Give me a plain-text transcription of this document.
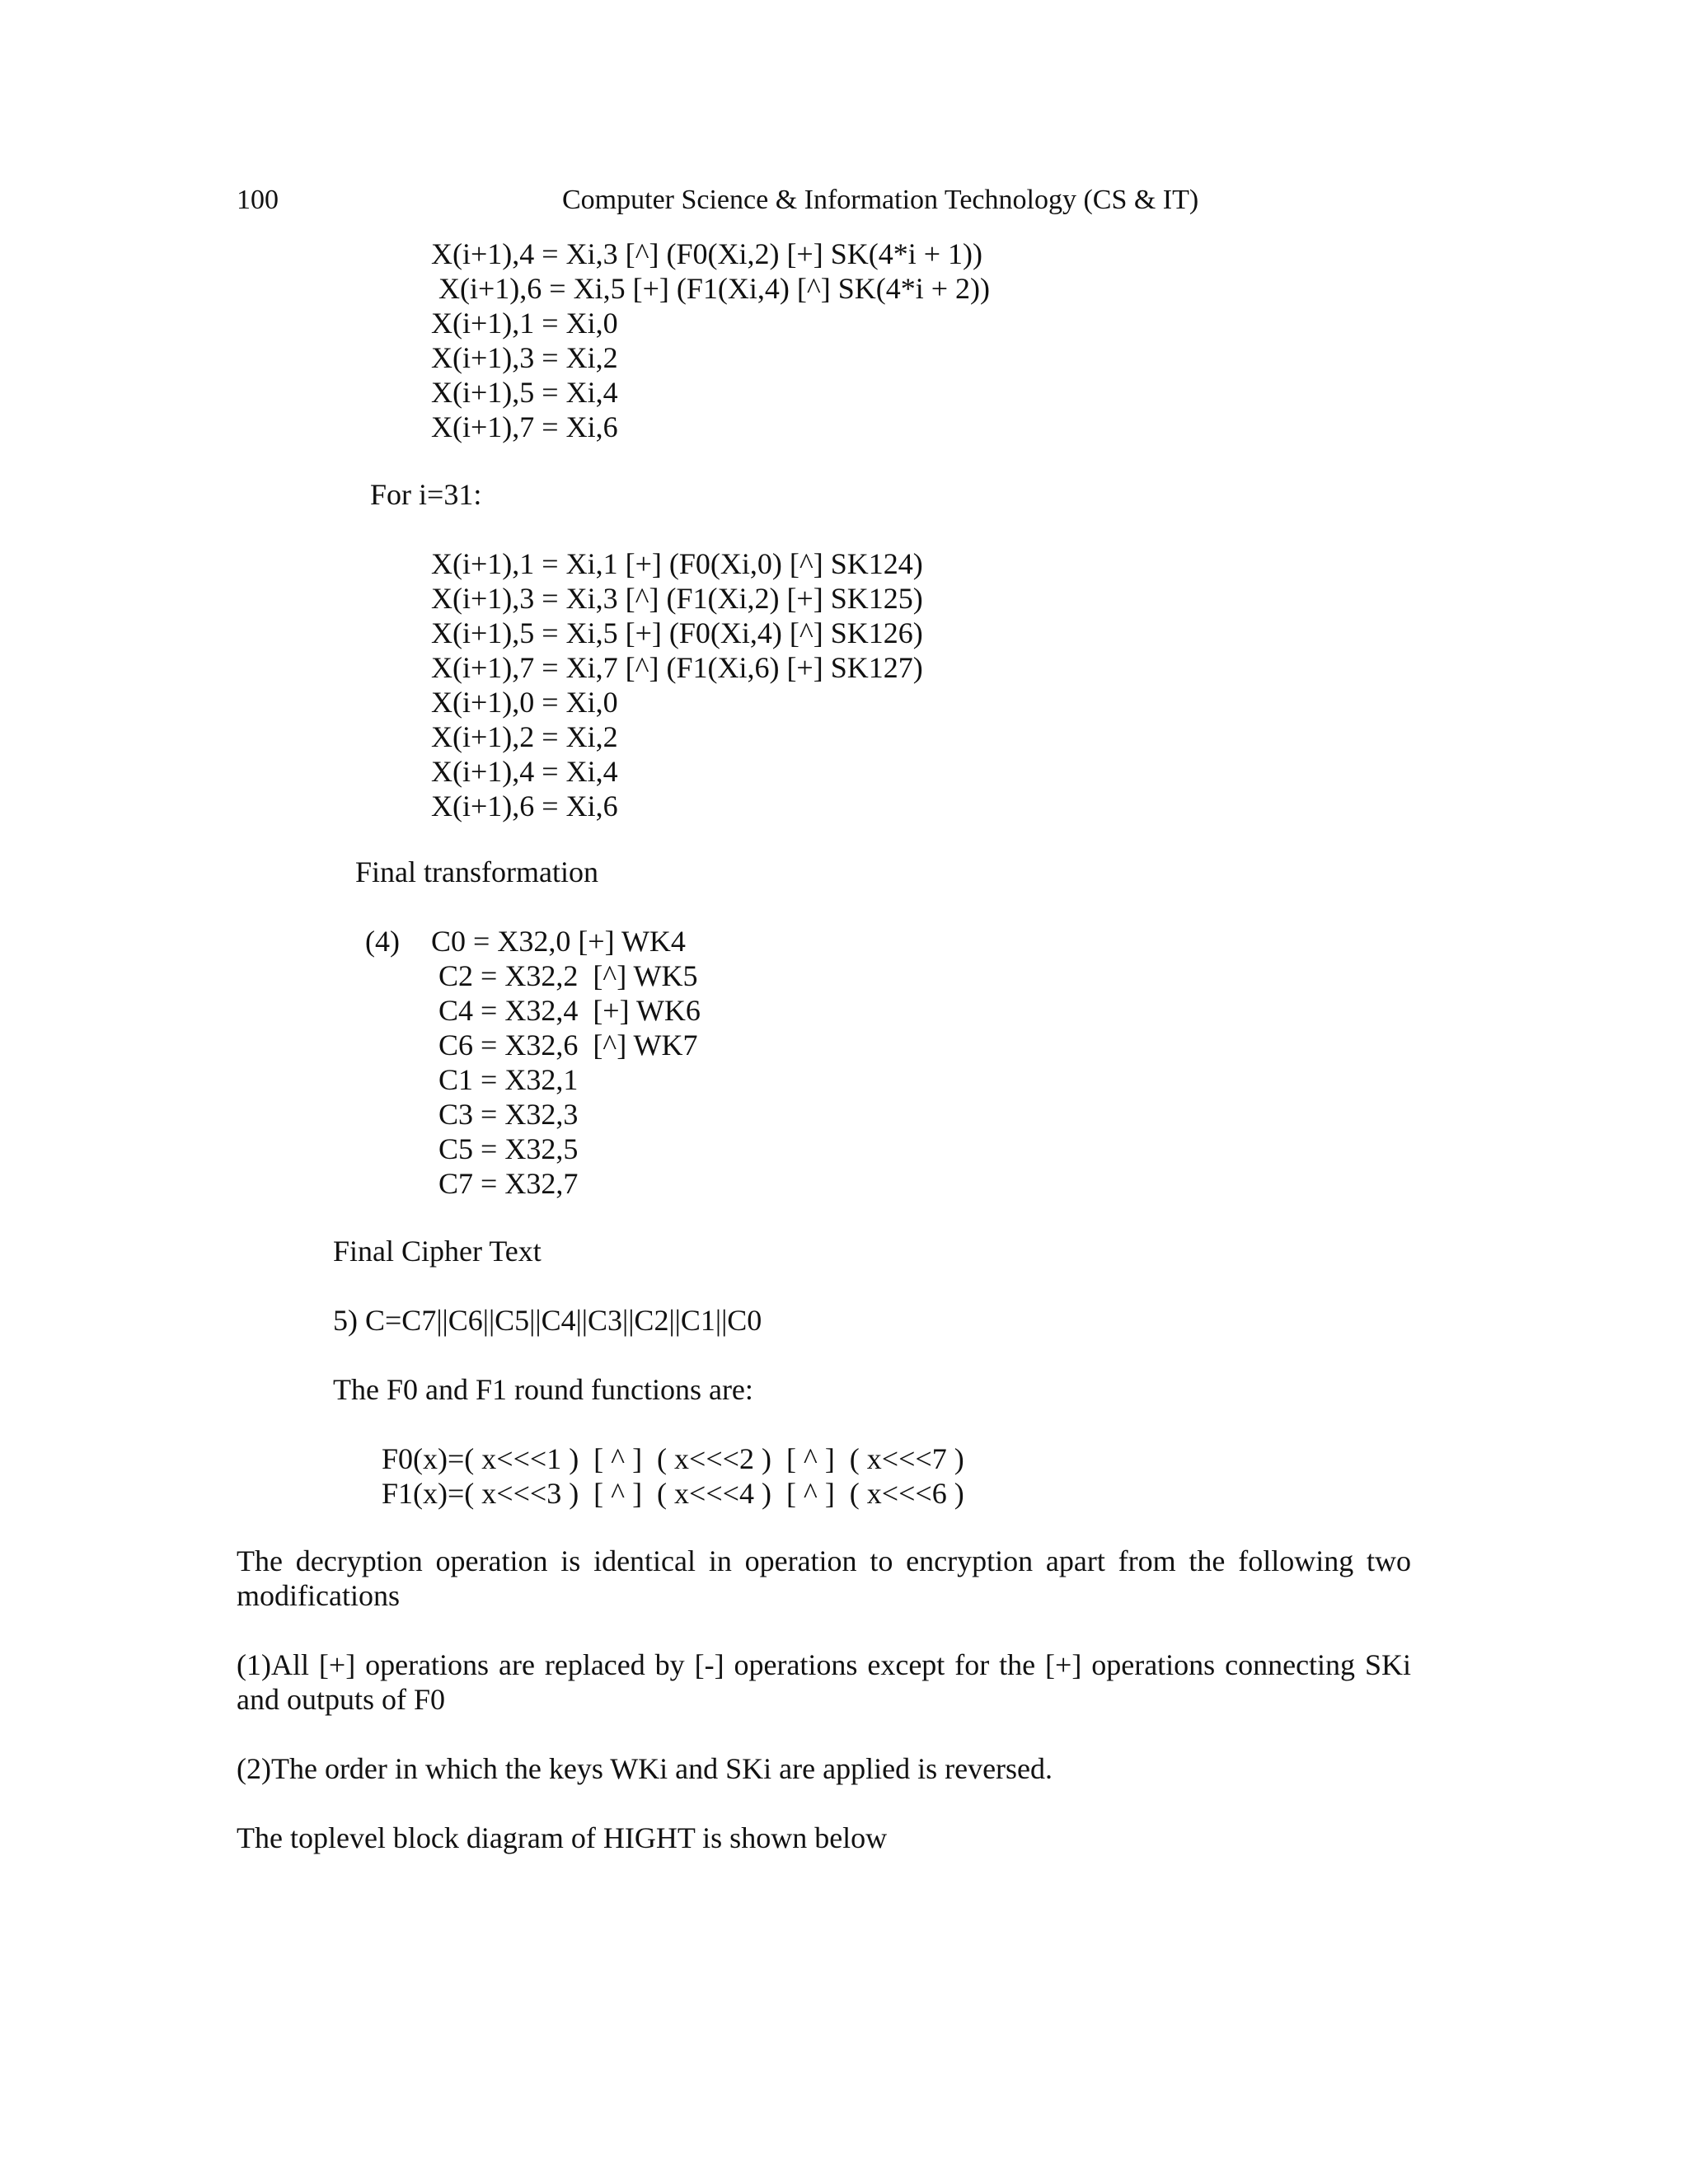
100	Computer Science & Information Technology (CS & IT)
X(i+1),4 = Xi,3 [^] (F0(Xi,2) [+] SK(4*i + 1))
X(i+1),6 = Xi,5 [+] (F1(Xi,4) [^] SK(4*i + 2))
X(i+1),1 = Xi,0
X(i+1),3 = Xi,2
X(i+1),5 = Xi,4
X(i+1),7 = Xi,6
For i=31:
X(i+1),1 = Xi,1 [+] (F0(Xi,0) [^] SK124)
X(i+1),3 = Xi,3 [^] (F1(Xi,2) [+] SK125)
X(i+1),5 = Xi,5 [+] (F0(Xi,4) [^] SK126)
X(i+1),7 = Xi,7 [^] (F1(Xi,6) [+] SK127)
X(i+1),0 = Xi,0
X(i+1),2 = Xi,2
X(i+1),4 = Xi,4
X(i+1),6 = Xi,6
Final transformation
(4) C0 = X32,0 [+] WK4
C2 = X32,2  [^] WK5
C4 = X32,4  [+] WK6
C6 = X32,6  [^] WK7
C1 = X32,1
C3 = X32,3
C5 = X32,5
C7 = X32,7
Final Cipher Text
5) C=C7||C6||C5||C4||C3||C2||C1||C0
The F0 and F1 round functions are:
F0(x)=( x<<<1 )  [ ^ ]  ( x<<<2 )  [ ^ ]  ( x<<<7 )
F1(x)=( x<<<3 )  [ ^ ]  ( x<<<4 )  [ ^ ]  ( x<<<6 )
The decryption operation is identical in operation to encryption apart from the following two modifications
(1)All [+] operations are replaced by [-] operations except for the [+] operations connecting SKi and outputs of F0
(2)The order in which the keys WKi and SKi are applied is reversed.
The toplevel block diagram of HIGHT is shown below
